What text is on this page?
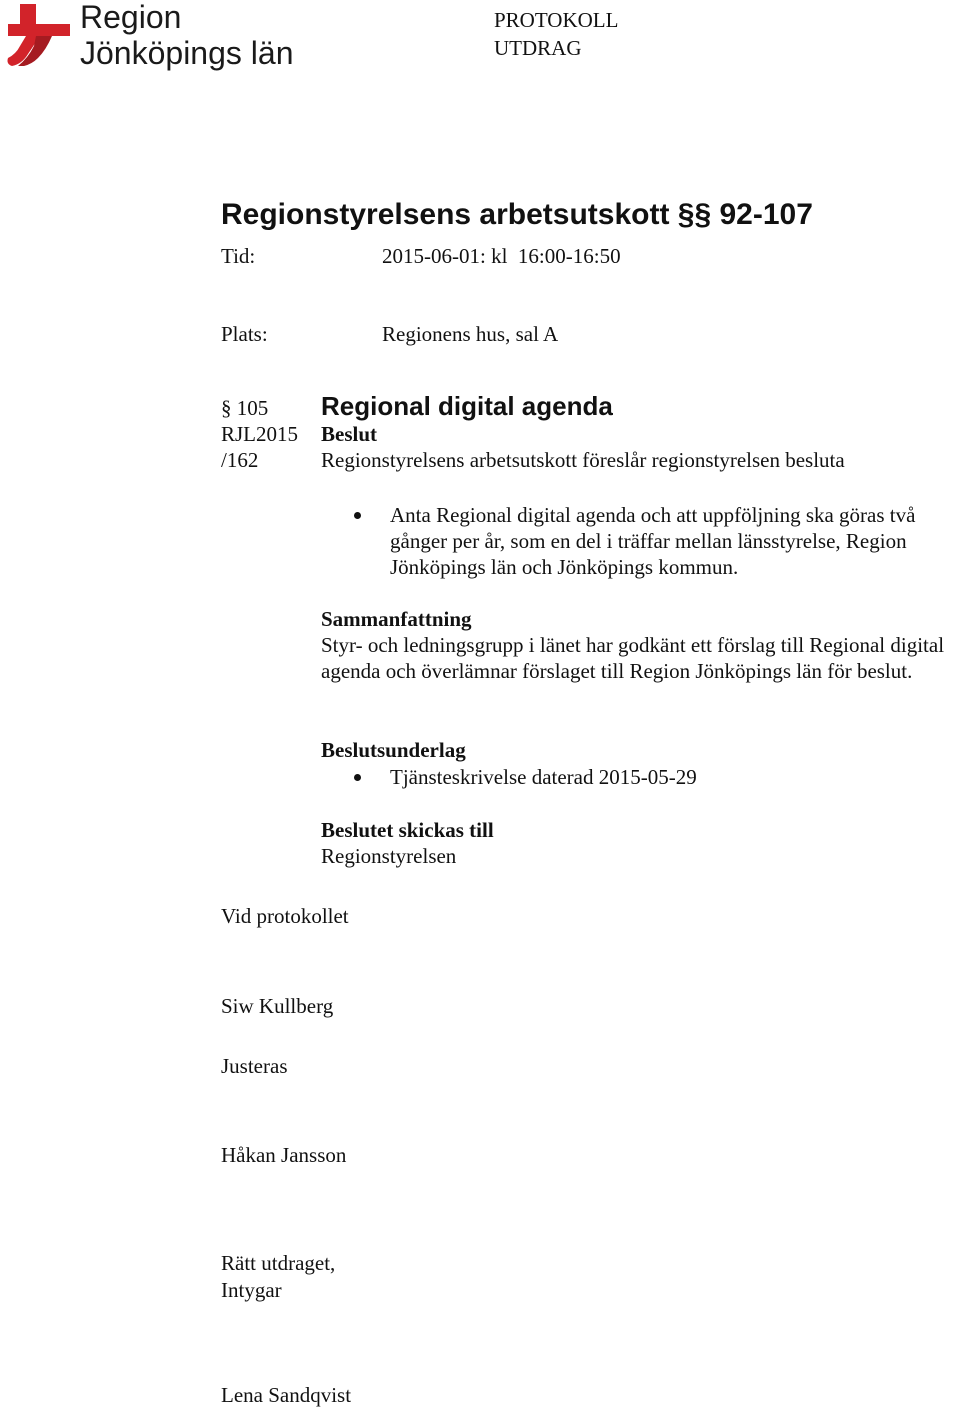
Region
Jönköpings län
PROTOKOLL
UTDRAG
Regionstyrelsens arbetsutskott §§ 92-107
Tid:	2015-06-01: kl  16:00-16:50
Plats:	Regionens hus, sal A
§ 105
RJL2015
/162
Regional digital agenda
Beslut
Regionstyrelsens arbetsutskott föreslår regionstyrelsen besluta
Anta Regional digital agenda och att uppföljning ska göras två gånger per år, som en del i träffar mellan länsstyrelse, Region Jönköpings län och Jönköpings kommun.
Sammanfattning
Styr- och ledningsgrupp i länet har godkänt ett förslag till Regional digital agenda och överlämnar förslaget till Region Jönköpings län för beslut.
Beslutsunderlag
Tjänsteskrivelse daterad 2015-05-29
Beslutet skickas till
Regionstyrelsen
Vid protokollet
Siw Kullberg
Justeras
Håkan Jansson
Rätt utdraget,
Intygar
Lena Sandqvist
